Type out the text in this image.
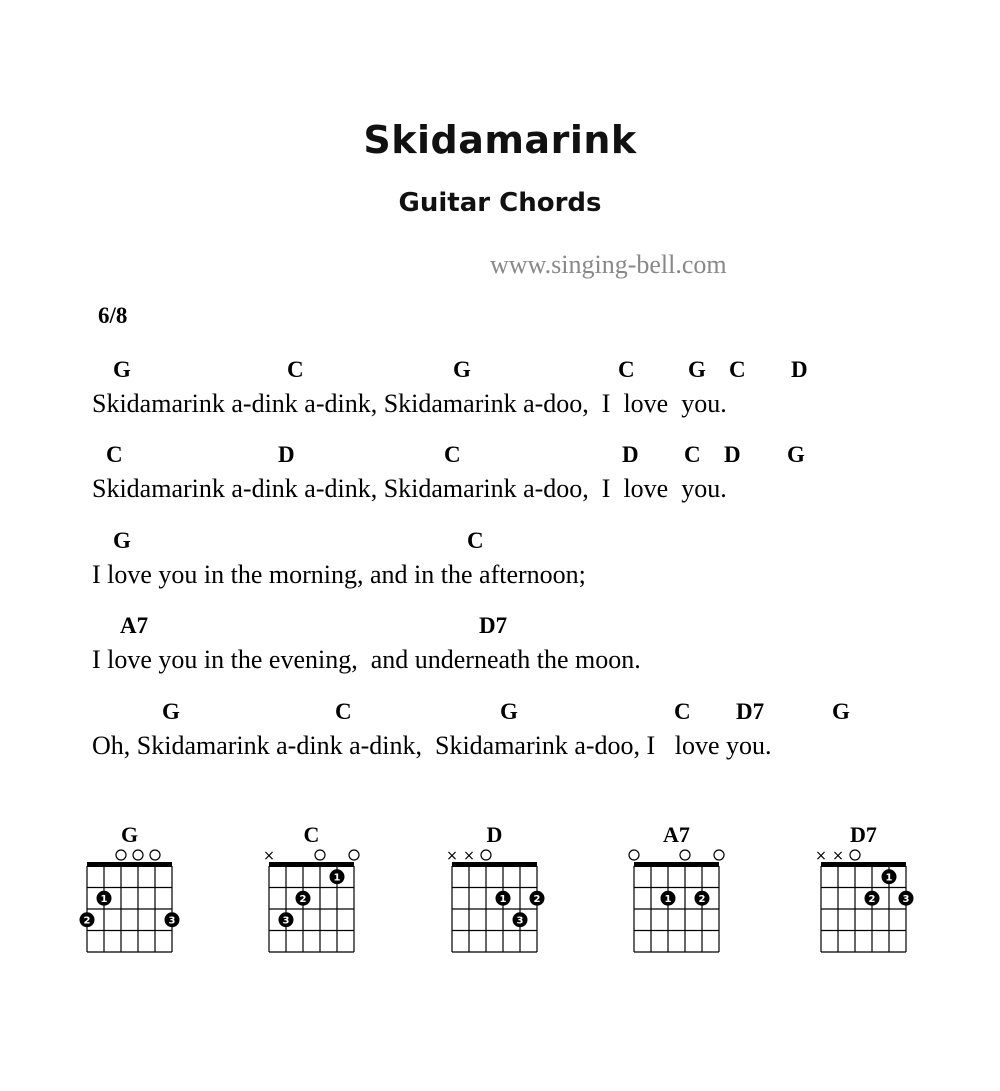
Skidamarink
Guitar Chords
www.singing-bell.com
6/8
G	C	G	C G C D
Skidamarink a-dink a-dink, Skidamarink a-doo,  I  love  you.
C	D	C	D C D G
Skidamarink a-dink a-dink, Skidamarink a-doo,  I  love  you.
G	C
I love you in the morning, and in the afternoon;
A7	D7
I love you in the evening,  and underneath the moon.
G	C	G	C D7	G
Oh, Skidamarink a-dink a-dink,  Skidamarink a-doo, I   love you.
G
1
2	3
C
×
1
2
3
D
× ×
1	2
3
A7
1	2
D7
× ×
1
2	3
